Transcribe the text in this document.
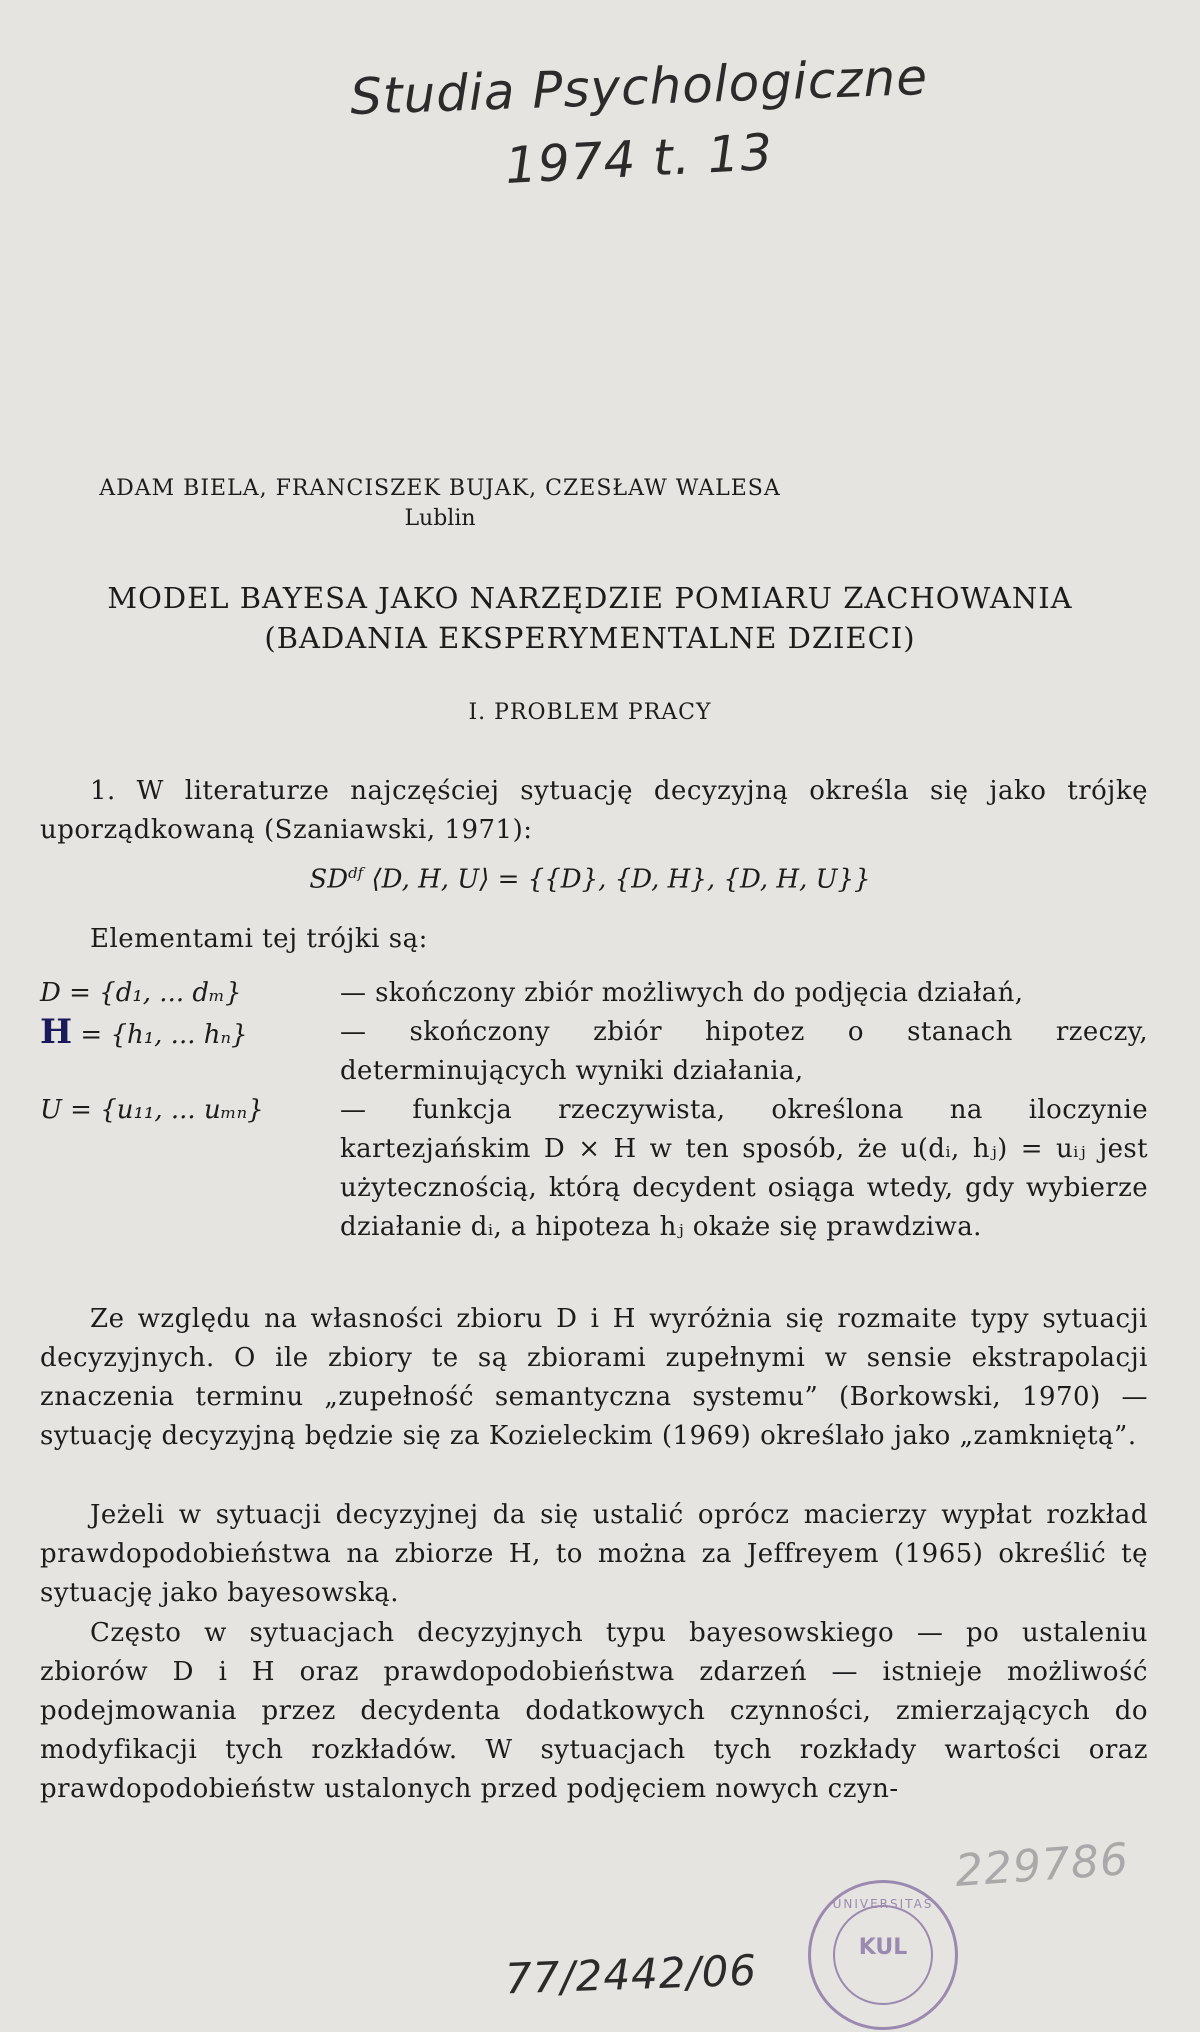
Studia Psychologiczne
1974 t. 13
ADAM BIELA, FRANCISZEK BUJAK, CZESŁAW WALESA
Lublin
MODEL BAYESA JAKO NARZĘDZIE POMIARU ZACHOWANIA
(BADANIA EKSPERYMENTALNE DZIECI)
I. PROBLEM PRACY
1. W literaturze najczęściej sytuację decyzyjną określa się jako trójkę uporządkowaną (Szaniawski, 1971):
$SD^{df}$ ⟨D, H, U⟩ = {{D}, {D, H}, {D, H, U}}
Elementami tej trójki są:
D = {d₁, ... dₘ}	— skończony zbiór możliwych do podjęcia działań,
H = {h₁, ... hₙ}	— skończony zbiór hipotez o stanach rzeczy, determinujących wyniki działania,
U = {u₁₁, ... uₘₙ}	— funkcja rzeczywista, określona na iloczynie kartezjańskim D × H w ten sposób, że u(dᵢ, hⱼ) = uᵢⱼ jest użytecznością, którą decydent osiąga wtedy, gdy wybierze działanie dᵢ, a hipoteza hⱼ okaże się prawdziwa.
Ze względu na własności zbioru D i H wyróżnia się rozmaite typy sytuacji decyzyjnych. O ile zbiory te są zbiorami zupełnymi w sensie ekstrapolacji znaczenia terminu „zupełność semantyczna systemu” (Borkowski, 1970) — sytuację decyzyjną będzie się za Kozieleckim (1969) określało jako „zamkniętą”.
Jeżeli w sytuacji decyzyjnej da się ustalić oprócz macierzy wypłat rozkład prawdopodobieństwa na zbiorze H, to można za Jeffreyem (1965) określić tę sytuację jako bayesowską.
Często w sytuacjach decyzyjnych typu bayesowskiego — po ustaleniu zbiorów D i H oraz prawdopodobieństwa zdarzeń — istnieje możliwość podejmowania przez decydenta dodatkowych czynności, zmierzających do modyfikacji tych rozkładów. W sytuacjach tych rozkłady wartości oraz prawdopodobieństw ustalonych przed podjęciem nowych czyn-
229786
UNIVERSITAS
KUL
77/2442/06
